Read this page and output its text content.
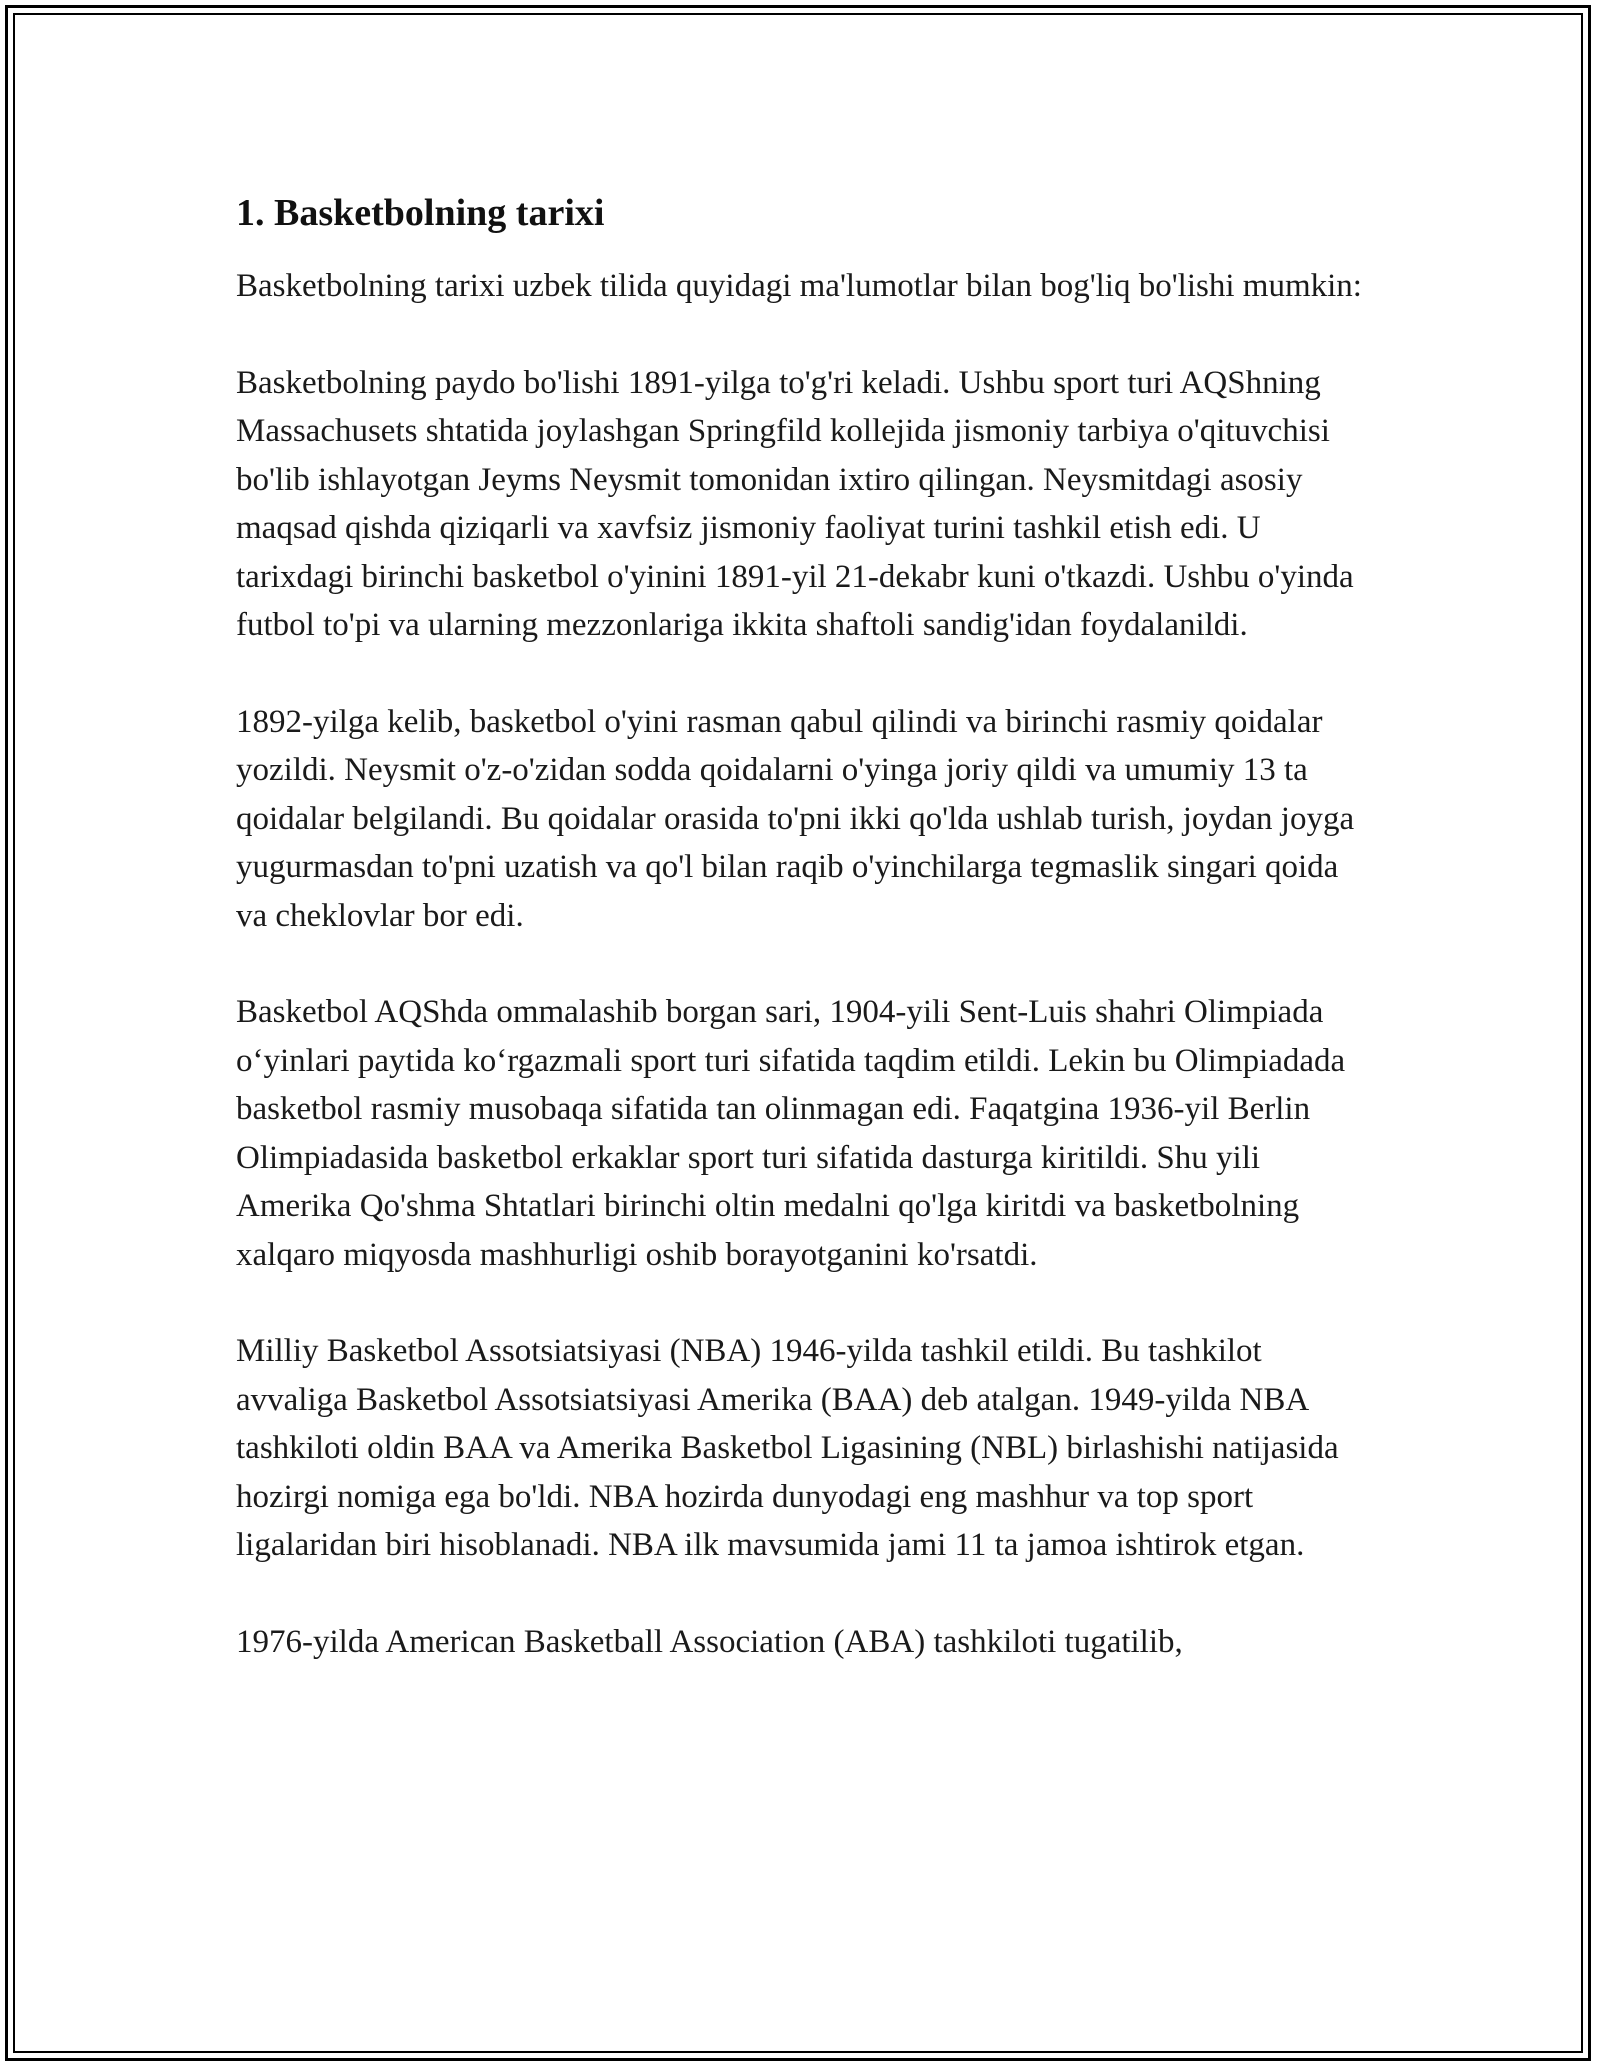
1. Basketbolning tarixi

Basketbolning tarixi uzbek tilida quyidagi ma'lumotlar bilan bog'liq bo'lishi mumkin:

Basketbolning paydo bo'lishi 1891-yilga to'g'ri keladi. Ushbu sport turi AQShning Massachusets shtatida joylashgan Springfild kollejida jismoniy tarbiya o'qituvchisi bo'lib ishlayotgan Jeyms Neysmit tomonidan ixtiro qilingan. Neysmitdagi asosiy maqsad qishda qiziqarli va xavfsiz jismoniy faoliyat turini tashkil etish edi. U tarixdagi birinchi basketbol o'yinini 1891-yil 21-dekabr kuni o'tkazdi. Ushbu o'yinda futbol to'pi va ularning mezzonlariga ikkita shaftoli sandig'idan foydalanildi.

1892-yilga kelib, basketbol o'yini rasman qabul qilindi va birinchi rasmiy qoidalar yozildi. Neysmit o'z-o'zidan sodda qoidalarni o'yinga joriy qildi va umumiy 13 ta qoidalar belgilandi. Bu qoidalar orasida to'pni ikki qo'lda ushlab turish, joydan joyga yugurmasdan to'pni uzatish va qo'l bilan raqib o'yinchilarga tegmaslik singari qoida va cheklovlar bor edi.

Basketbol AQShda ommalashib borgan sari, 1904-yili Sent-Luis shahri Olimpiada o‘yinlari paytida ko‘rgazmali sport turi sifatida taqdim etildi. Lekin bu Olimpiadada basketbol rasmiy musobaqa sifatida tan olinmagan edi. Faqatgina 1936-yil Berlin Olimpiadasida basketbol erkaklar sport turi sifatida dasturga kiritildi. Shu yili Amerika Qo'shma Shtatlari birinchi oltin medalni qo'lga kiritdi va basketbolning xalqaro miqyosda mashhurligi oshib borayotganini ko'rsatdi.

Milliy Basketbol Assotsiatsiyasi (NBA) 1946-yilda tashkil etildi. Bu tashkilot avvaliga Basketbol Assotsiatsiyasi Amerika (BAA) deb atalgan. 1949-yilda NBA tashkiloti oldin BAA va Amerika Basketbol Ligasining (NBL) birlashishi natijasida hozirgi nomiga ega bo'ldi. NBA hozirda dunyodagi eng mashhur va top sport ligalaridan biri hisoblanadi. NBA ilk mavsumida jami 11 ta jamoa ishtirok etgan.

1976-yilda American Basketball Association (ABA) tashkiloti tugatilib,
